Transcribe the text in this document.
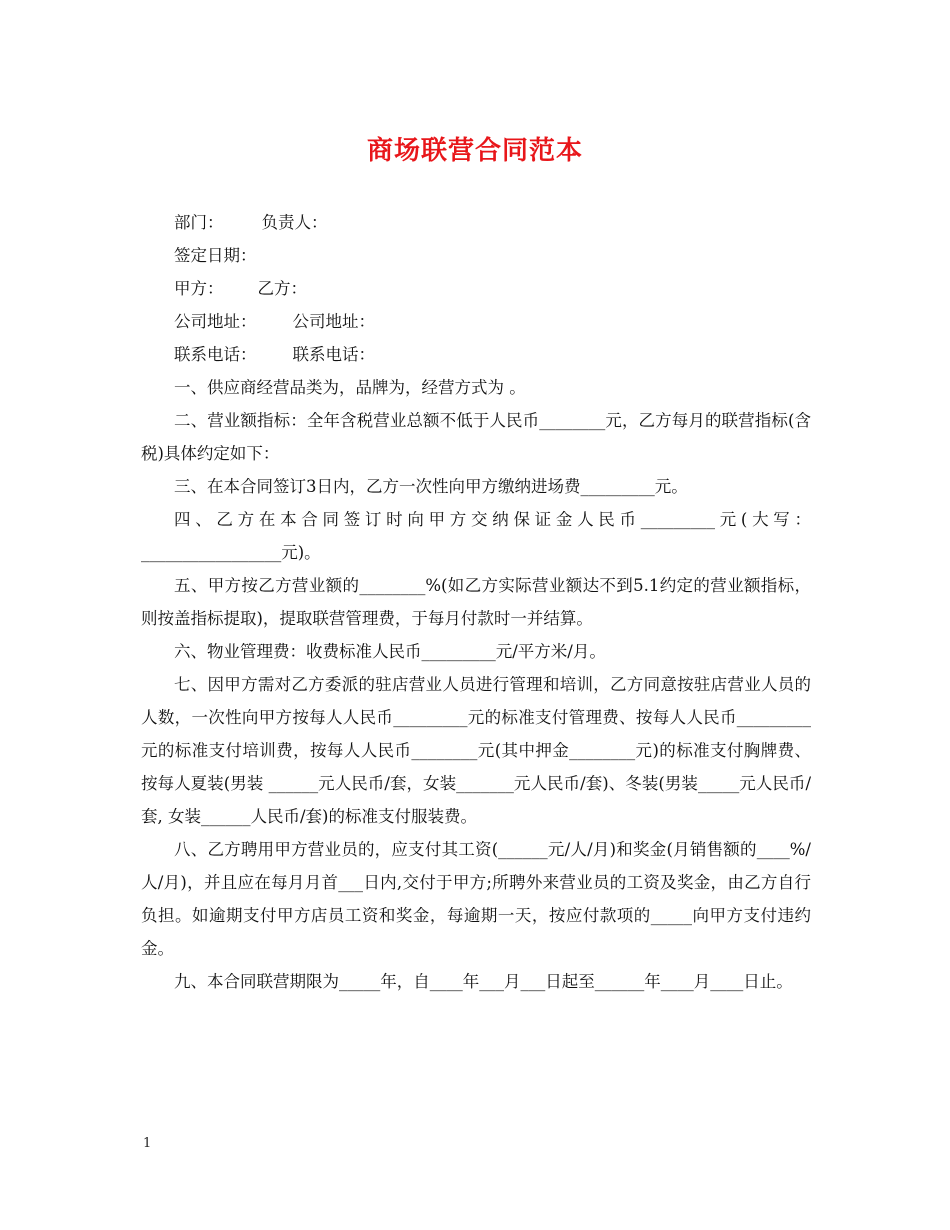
商场联营合同范本

部门： 负责人：

签定日期：

甲方： 乙方：

公司地址： 公司地址：

联系电话： 联系电话：

一、供应商经营品类为，品牌为，经营方式为 。

二、营业额指标：全年含税营业总额不低于人民币________元，乙方每月的联营指标(含税)具体约定如下：

三、在本合同签订3日内，乙方一次性向甲方缴纳进场费_________元。

四、乙方在本合同签订时向甲方交纳保证金人民币_________元(大写：_________________元)。

五、甲方按乙方营业额的________%(如乙方实际营业额达不到5.1约定的营业额指标，则按盖指标提取)，提取联营管理费，于每月付款时一并结算。

六、物业管理费：收费标准人民币_________元/平方米/月。

七、因甲方需对乙方委派的驻店营业人员进行管理和培训，乙方同意按驻店营业人员的人数，一次性向甲方按每人人民币_________元的标准支付管理费、按每人人民币_________元的标准支付培训费，按每人人民币________元(其中押金________元)的标准支付胸牌费、按每人夏装(男装 ______元人民币/套，女装_______元人民币/套)、冬装(男装_____元人民币/套, 女装______人民币/套)的标准支付服装费。

八、乙方聘用甲方营业员的，应支付其工资(______元/人/月)和奖金(月销售额的____%/人/月)，并且应在每月月首___日内,交付于甲方;所聘外来营业员的工资及奖金，由乙方自行负担。如逾期支付甲方店员工资和奖金，每逾期一天，按应付款项的_____向甲方支付违约金。

九、本合同联营期限为_____年，自____年___月___日起至______年____月____日止。

1
